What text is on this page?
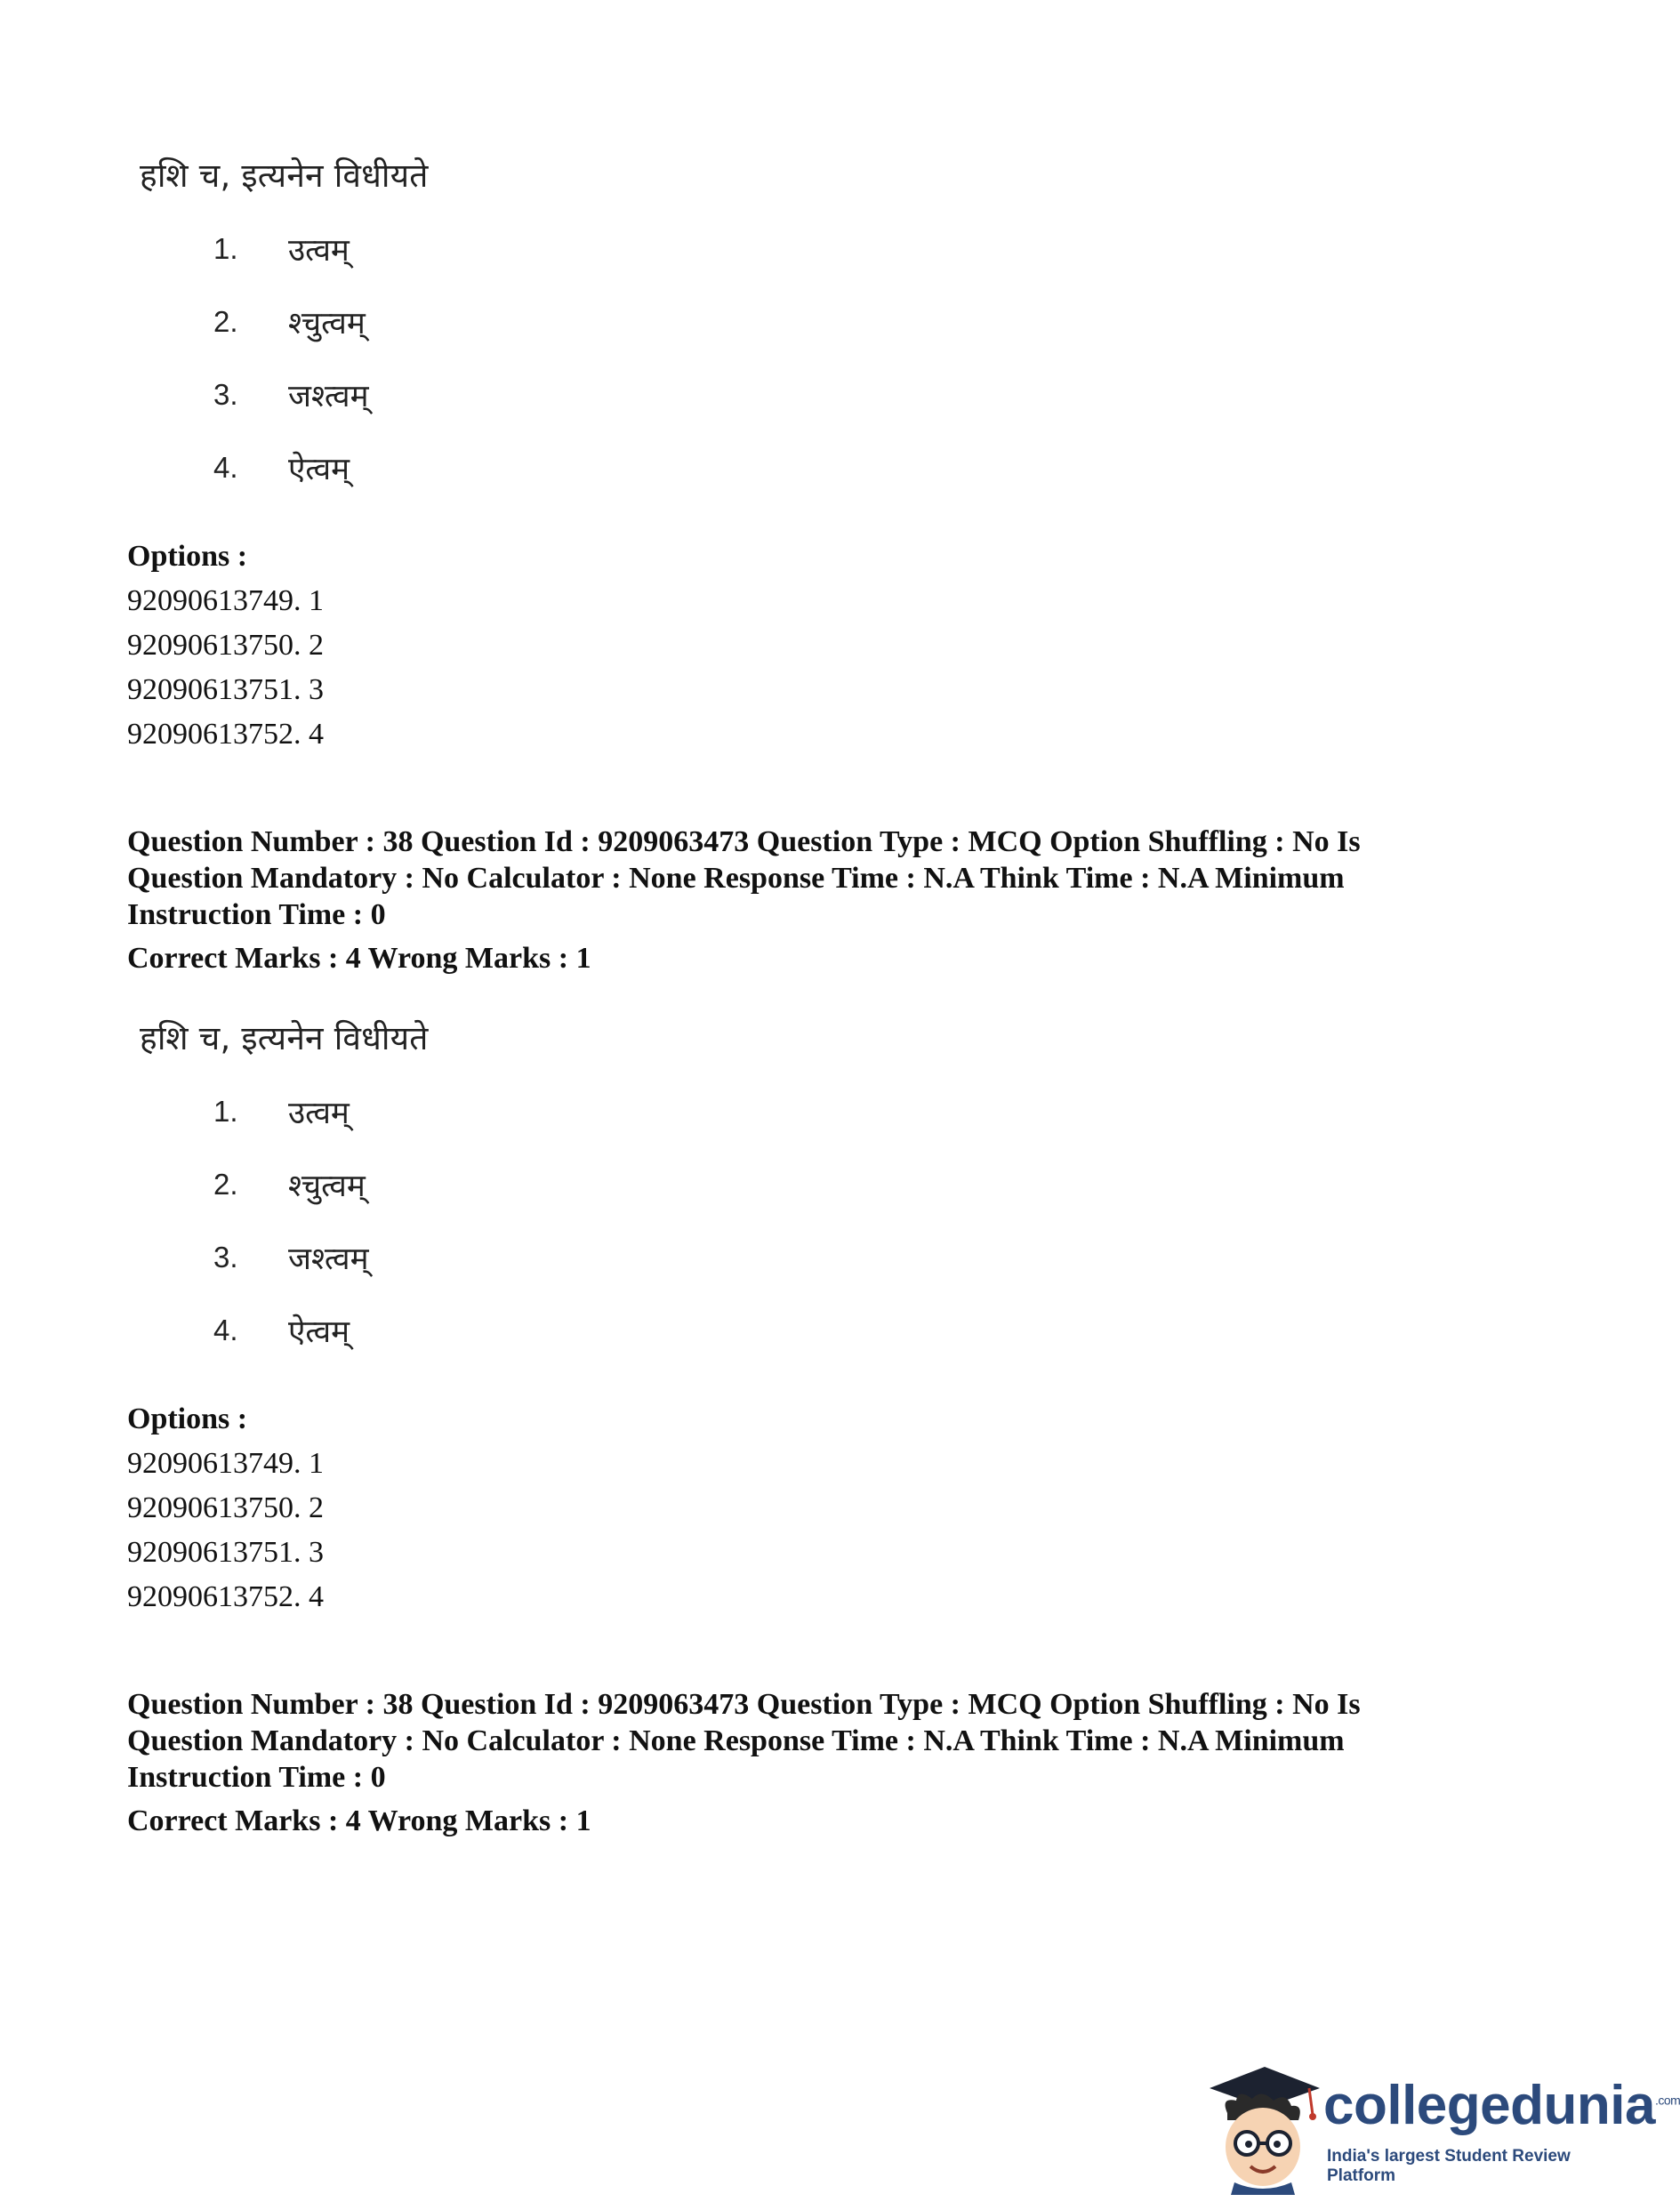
हशि च, इत्यनेन विधीयते
1.	उत्वम्
2.	श्चुत्वम्
3.	जश्त्वम्
4.	ऐत्वम्
Options :
92090613749. 1
92090613750. 2
92090613751. 3
92090613752. 4
Question Number : 38 Question Id : 9209063473 Question Type : MCQ Option Shuffling : No Is Question Mandatory : No Calculator : None Response Time : N.A Think Time : N.A Minimum Instruction Time : 0
Correct Marks : 4 Wrong Marks : 1
हशि च, इत्यनेन विधीयते
1.	उत्वम्
2.	श्चुत्वम्
3.	जश्त्वम्
4.	ऐत्वम्
Options :
92090613749. 1
92090613750. 2
92090613751. 3
92090613752. 4
Question Number : 38 Question Id : 9209063473 Question Type : MCQ Option Shuffling : No Is Question Mandatory : No Calculator : None Response Time : N.A Think Time : N.A Minimum Instruction Time : 0
Correct Marks : 4 Wrong Marks : 1
collegedunia$^{.com}$
India's largest Student Review Platform
